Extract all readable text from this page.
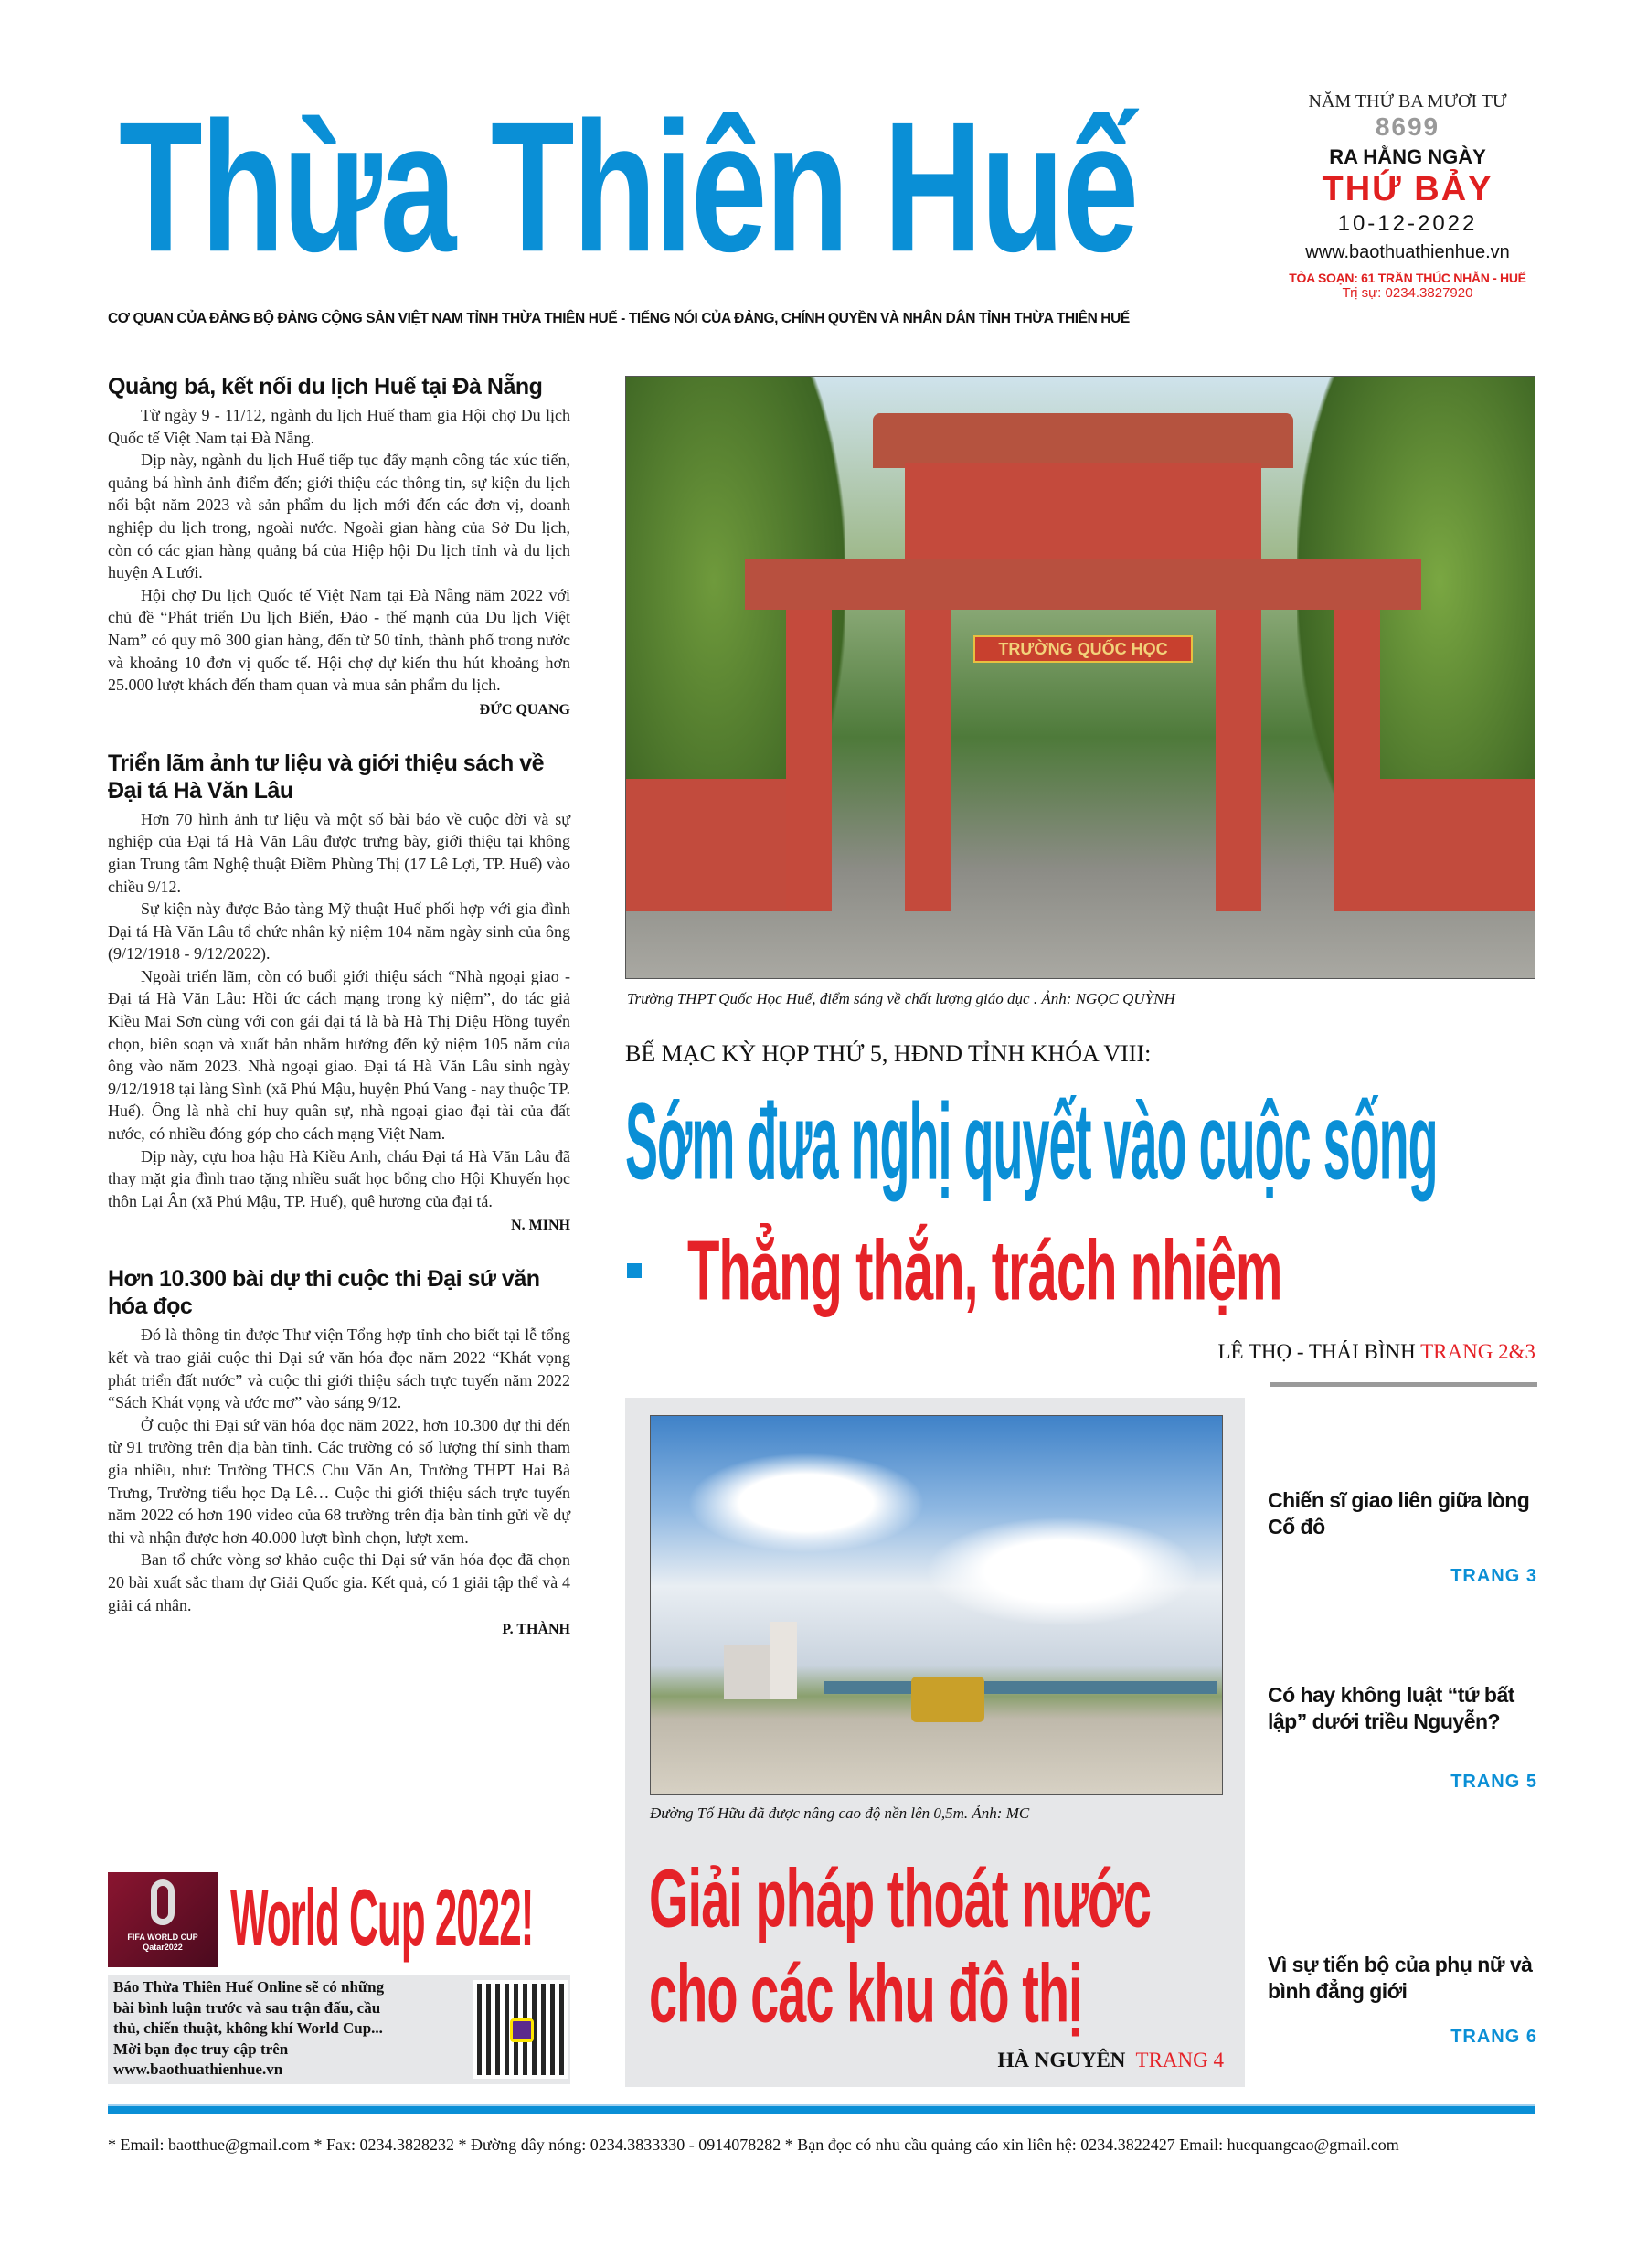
Thừa Thiên Huế	NĂM THỨ BA MƯƠI TƯ
8699
RA HẰNG NGÀY
THỨ BẢY
10-12-2022
www.baothuathienhue.vn
TÒA SOẠN: 61 TRẦN THÚC NHẪN - HUẾ
Trị sự: 0234.3827920
CƠ QUAN CỦA ĐẢNG BỘ ĐẢNG CỘNG SẢN VIỆT NAM TỈNH THỪA THIÊN HUẾ - TIẾNG NÓI CỦA ĐẢNG, CHÍNH QUYỀN VÀ NHÂN DÂN TỈNH THỪA THIÊN HUẾ
Quảng bá, kết nối du lịch Huế tại Đà Nẵng

Từ ngày 9 - 11/12, ngành du lịch Huế tham gia Hội chợ Du lịch Quốc tế Việt Nam tại Đà Nẵng.

Dịp này, ngành du lịch Huế tiếp tục đẩy mạnh công tác xúc tiến, quảng bá hình ảnh điểm đến; giới thiệu các thông tin, sự kiện du lịch nổi bật năm 2023 và sản phẩm du lịch mới đến các đơn vị, doanh nghiệp du lịch trong, ngoài nước. Ngoài gian hàng của Sở Du lịch, còn có các gian hàng quảng bá của Hiệp hội Du lịch tỉnh và du lịch huyện A Lưới.

Hội chợ Du lịch Quốc tế Việt Nam tại Đà Nẵng năm 2022 với chủ đề “Phát triển Du lịch Biển, Đảo - thế mạnh của Du lịch Việt Nam” có quy mô 300 gian hàng, đến từ 50 tỉnh, thành phố trong nước và khoảng 10 đơn vị quốc tế. Hội chợ dự kiến thu hút khoảng hơn 25.000 lượt khách đến tham quan và mua sản phẩm du lịch.

ĐỨC QUANG
Triển lãm ảnh tư liệu và giới thiệu sách về Đại tá Hà Văn Lâu

Hơn 70 hình ảnh tư liệu và một số bài báo về cuộc đời và sự nghiệp của Đại tá Hà Văn Lâu được trưng bày, giới thiệu tại không gian Trung tâm Nghệ thuật Điềm Phùng Thị (17 Lê Lợi, TP. Huế) vào chiều 9/12.

Sự kiện này được Bảo tàng Mỹ thuật Huế phối hợp với gia đình Đại tá Hà Văn Lâu tổ chức nhân kỷ niệm 104 năm ngày sinh của ông (9/12/1918 - 9/12/2022).

Ngoài triển lãm, còn có buổi giới thiệu sách “Nhà ngoại giao - Đại tá Hà Văn Lâu: Hồi ức cách mạng trong kỷ niệm”, do tác giả Kiều Mai Sơn cùng với con gái đại tá là bà Hà Thị Diệu Hồng tuyển chọn, biên soạn và xuất bản nhằm hướng đến kỷ niệm 105 năm của ông vào năm 2023. Nhà ngoại giao. Đại tá Hà Văn Lâu sinh ngày 9/12/1918 tại làng Sình (xã Phú Mậu, huyện Phú Vang - nay thuộc TP. Huế). Ông là nhà chỉ huy quân sự, nhà ngoại giao đại tài của đất nước, có nhiều đóng góp cho cách mạng Việt Nam.

Dịp này, cựu hoa hậu Hà Kiều Anh, cháu Đại tá Hà Văn Lâu đã thay mặt gia đình trao tặng nhiều suất học bổng cho Hội Khuyến học thôn Lại Ân (xã Phú Mậu, TP. Huế), quê hương của đại tá.

N. MINH
Hơn 10.300 bài dự thi cuộc thi Đại sứ văn hóa đọc

Đó là thông tin được Thư viện Tổng hợp tỉnh cho biết tại lễ tổng kết và trao giải cuộc thi Đại sứ văn hóa đọc năm 2022 “Khát vọng phát triển đất nước” và cuộc thi giới thiệu sách trực tuyến năm 2022 “Sách Khát vọng và ước mơ” vào sáng 9/12.

Ở cuộc thi Đại sứ văn hóa đọc năm 2022, hơn 10.300 dự thi đến từ 91 trường trên địa bàn tỉnh. Các trường có số lượng thí sinh tham gia nhiều, như: Trường THCS Chu Văn An, Trường THPT Hai Bà Trưng, Trường tiểu học Dạ Lê… Cuộc thi giới thiệu sách trực tuyến năm 2022 có hơn 190 video của 68 trường trên địa bàn tỉnh gửi về dự thi và nhận được hơn 40.000 lượt bình chọn, lượt xem.

Ban tổ chức vòng sơ khảo cuộc thi Đại sứ văn hóa đọc đã chọn 20 bài xuất sắc tham dự Giải Quốc gia. Kết quả, có 1 giải tập thể và 4 giải cá nhân.

P. THÀNH
FIFA WORLD CUP Qatar2022	World Cup 2022!
Báo Thừa Thiên Huế Online sẽ có những
bài bình luận trước và sau trận đấu, cầu
thủ, chiến thuật, không khí World Cup...
Mời bạn đọc truy cập trên
www.baothuathienhue.vn
TRƯỜNG QUỐC HỌC
Trường THPT Quốc Học Huế, điểm sáng về chất lượng giáo dục . Ảnh: NGỌC QUỲNH
BẾ MẠC KỲ HỌP THỨ 5, HĐND TỈNH KHÓA VIII:
Sớm đưa nghị quyết vào cuộc sống
Thẳng thắn, trách nhiệm
LÊ THỌ - THÁI BÌNH TRANG 2&3
Đường Tố Hữu đã được nâng cao độ nền lên 0,5m. Ảnh: MC
Giải pháp thoát nước
cho các khu đô thị
HÀ NGUYÊN TRANG 4
Chiến sĩ giao liên giữa lòng Cố đô
TRANG 3
Có hay không luật “tứ bất lập” dưới triều Nguyễn?
TRANG 5
Vì sự tiến bộ của phụ nữ và bình đẳng giới
TRANG 6
* Email: baotthue@gmail.com * Fax: 0234.3828232 * Đường dây nóng: 0234.3833330 - 0914078282 * Bạn đọc có nhu cầu quảng cáo xin liên hệ: 0234.3822427 Email: huequangcao@gmail.com
